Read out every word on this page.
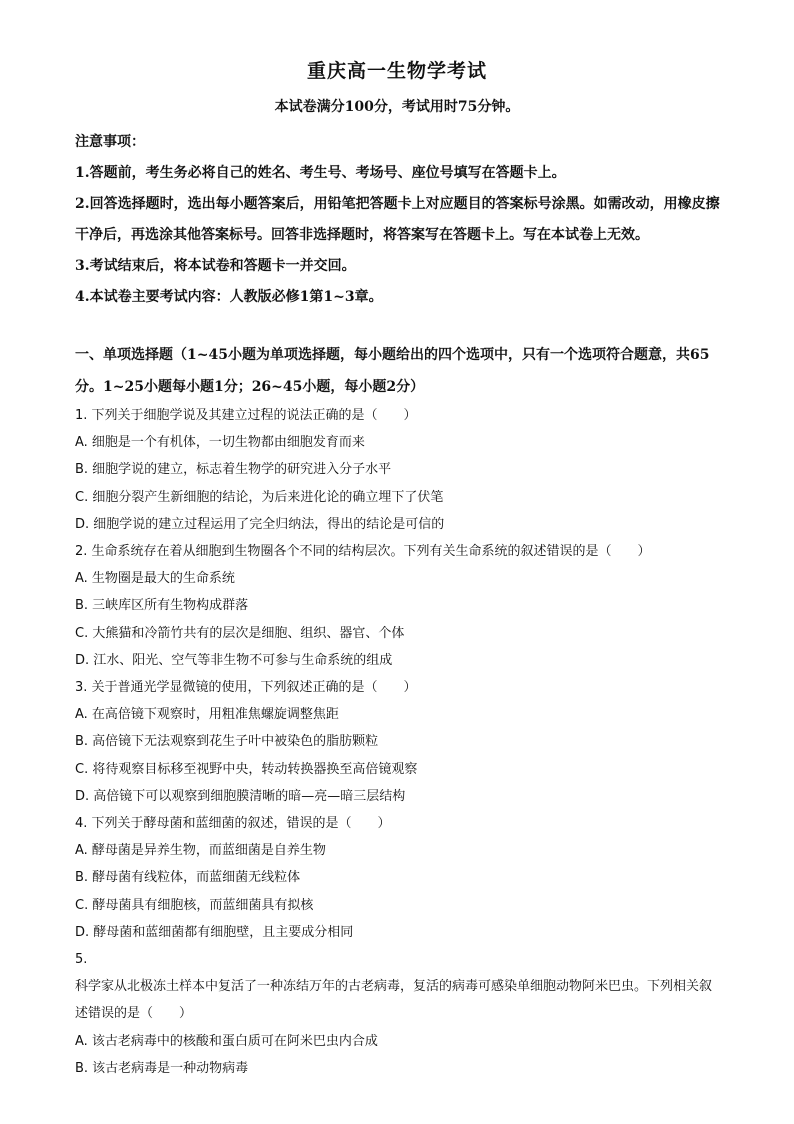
重庆高一生物学考试
本试卷满分100分，考试用时75分钟。

注意事项：

1.答题前，考生务必将自己的姓名、考生号、考场号、座位号填写在答题卡上。

2.回答选择题时，选出每小题答案后，用铅笔把答题卡上对应题目的答案标号涂黑。如需改动，用橡皮擦干净后，再选涂其他答案标号。回答非选择题时，将答案写在答题卡上。写在本试卷上无效。

3.考试结束后，将本试卷和答题卡一并交回。

4.本试卷主要考试内容：人教版必修1第1~3章。

一、单项选择题（1~45小题为单项选择题，每小题给出的四个选项中，只有一个选项符合题意，共65分。1~25小题每小题1分；26~45小题，每小题2分）

1. 下列关于细胞学说及其建立过程的说法正确的是（　　）

A. 细胞是一个有机体，一切生物都由细胞发育而来

B. 细胞学说的建立，标志着生物学的研究进入分子水平

C. 细胞分裂产生新细胞的结论，为后来进化论的确立埋下了伏笔

D. 细胞学说的建立过程运用了完全归纳法，得出的结论是可信的

2. 生命系统存在着从细胞到生物圈各个不同的结构层次。下列有关生命系统的叙述错误的是（　　）

A. 生物圈是最大的生命系统

B. 三峡库区所有生物构成群落

C. 大熊猫和冷箭竹共有的层次是细胞、组织、器官、个体

D. 江水、阳光、空气等非生物不可参与生命系统的组成

3. 关于普通光学显微镜的使用，下列叙述正确的是（　　）

A. 在高倍镜下观察时，用粗准焦螺旋调整焦距

B. 高倍镜下无法观察到花生子叶中被染色的脂肪颗粒

C. 将待观察目标移至视野中央，转动转换器换至高倍镜观察

D. 高倍镜下可以观察到细胞膜清晰的暗—亮—暗三层结构

4. 下列关于酵母菌和蓝细菌的叙述，错误的是（　　）

A. 酵母菌是异养生物，而蓝细菌是自养生物

B. 酵母菌有线粒体，而蓝细菌无线粒体

C. 酵母菌具有细胞核，而蓝细菌具有拟核

D. 酵母菌和蓝细菌都有细胞壁，且主要成分相同

5.

科学家从北极冻土样本中复活了一种冻结万年的古老病毒，复活的病毒可感染单细胞动物阿米巴虫。下列相关叙述错误的是（　　）

A. 该古老病毒中的核酸和蛋白质可在阿米巴虫内合成

B. 该古老病毒是一种动物病毒
